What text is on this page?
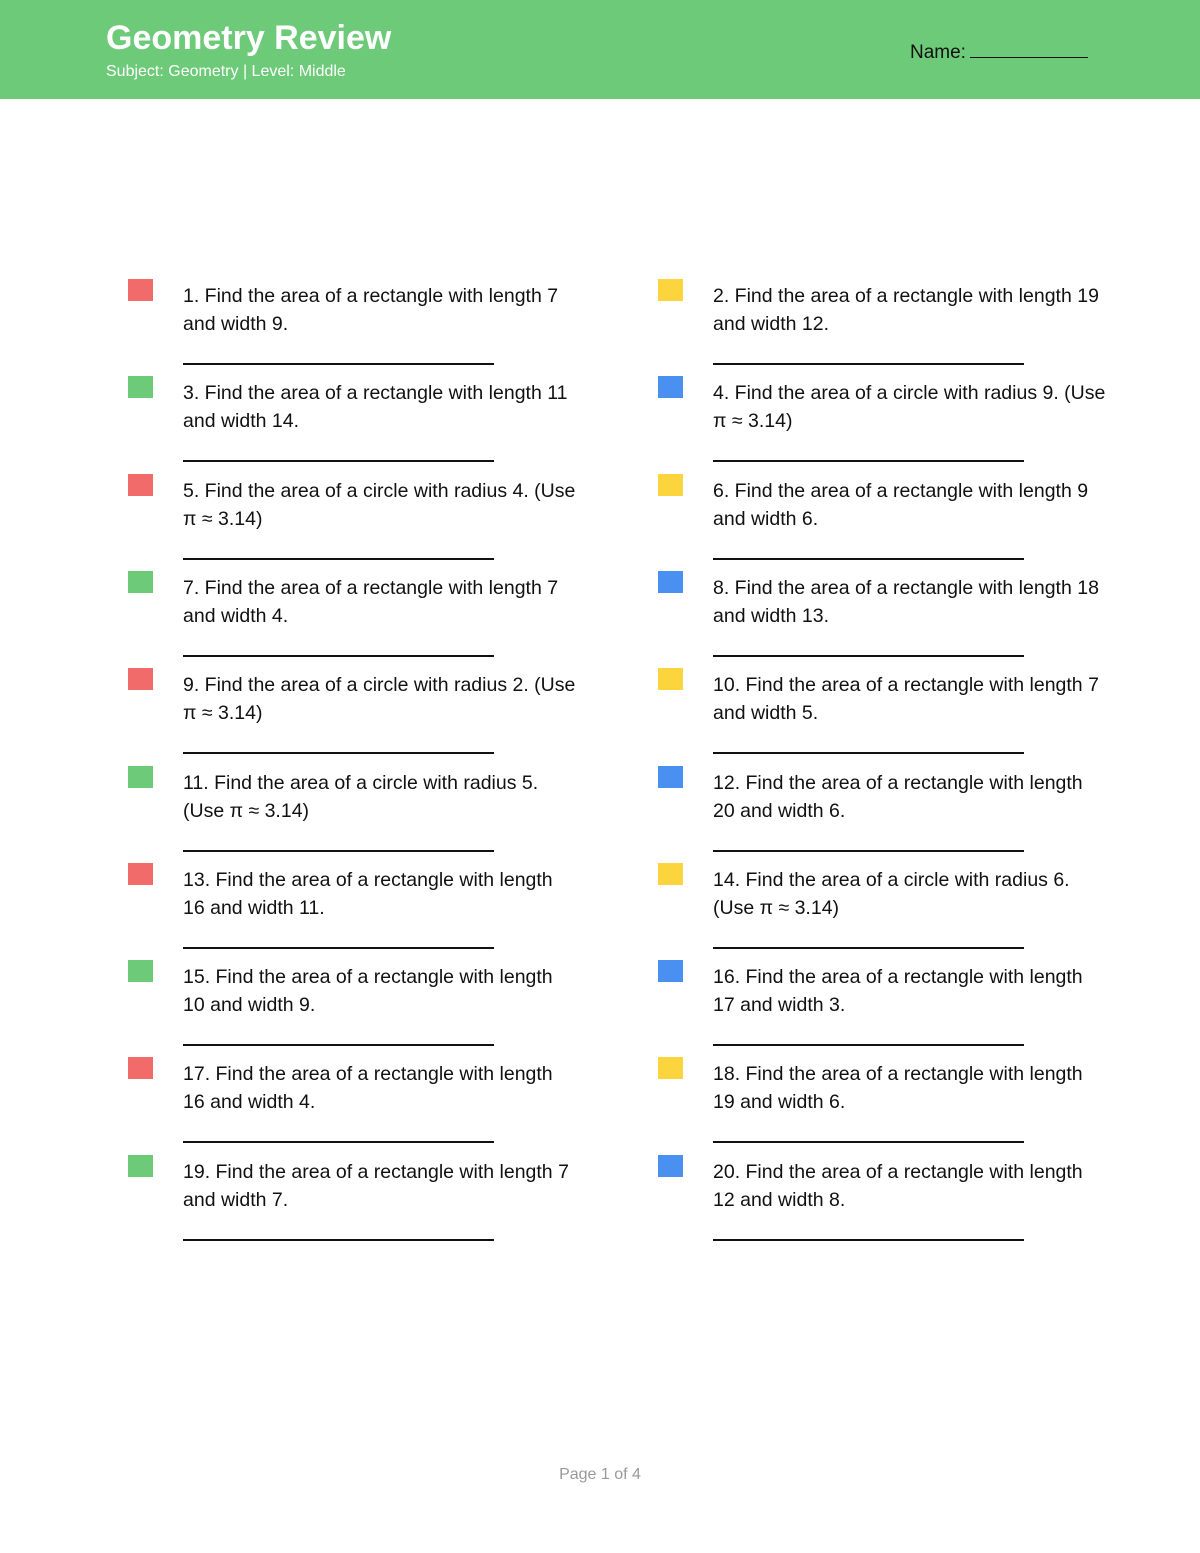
Geometry Review
Subject: Geometry | Level: Middle
Name:
1. Find the area of a rectangle with length 7 and width 9.
2. Find the area of a rectangle with length 19 and width 12.
3. Find the area of a rectangle with length 11 and width 14.
4. Find the area of a circle with radius 9. (Use π ≈ 3.14)
5. Find the area of a circle with radius 4. (Use π ≈ 3.14)
6. Find the area of a rectangle with length 9 and width 6.
7. Find the area of a rectangle with length 7 and width 4.
8. Find the area of a rectangle with length 18 and width 13.
9. Find the area of a circle with radius 2. (Use π ≈ 3.14)
10. Find the area of a rectangle with length 7 and width 5.
11. Find the area of a circle with radius 5. (Use π ≈ 3.14)
12. Find the area of a rectangle with length 20 and width 6.
13. Find the area of a rectangle with length 16 and width 11.
14. Find the area of a circle with radius 6. (Use π ≈ 3.14)
15. Find the area of a rectangle with length 10 and width 9.
16. Find the area of a rectangle with length 17 and width 3.
17. Find the area of a rectangle with length 16 and width 4.
18. Find the area of a rectangle with length 19 and width 6.
19. Find the area of a rectangle with length 7 and width 7.
20. Find the area of a rectangle with length 12 and width 8.
Page 1 of 4
